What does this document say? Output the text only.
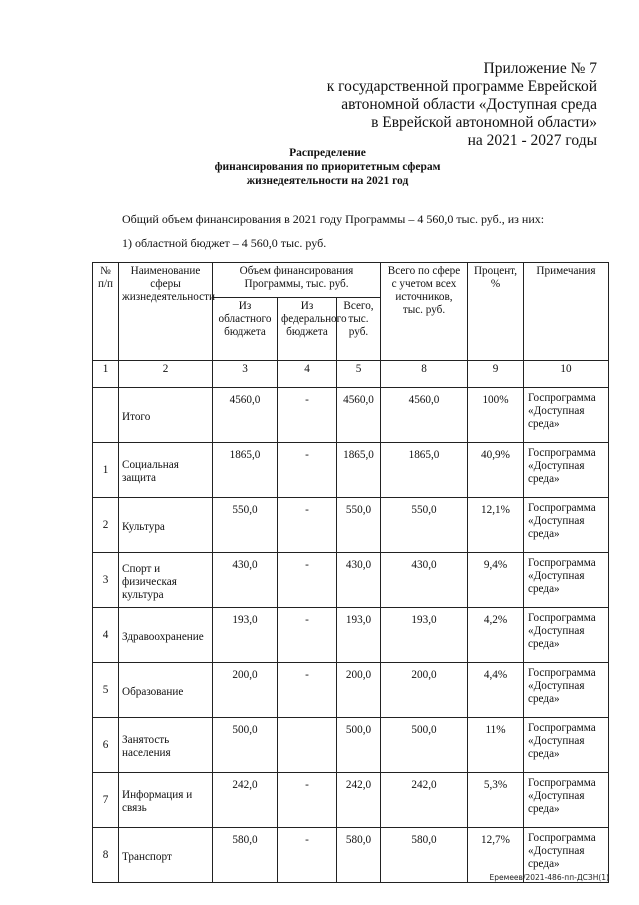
Приложение № 7
к государственной программе Еврейской
автономной области «Доступная среда
в Еврейской автономной области»
на 2021 - 2027 годы
Распределение
финансирования по приоритетным сферам
жизнедеятельности на 2021 год
Общий объем финансирования в 2021 году Программы – 4 560,0 тыс. руб., из них:
1) областной бюджет – 4 560,0 тыс. руб.
№ п/п	Наименование сферы жизнедеятельности	Объем финансирования Программы, тыс. руб.			Всего по сфере с учетом всех источников, тыс. руб.	Процент, %	Примечания
		Из областного бюджета	Из федерального бюджета	Всего, тыс. руб.			
1	2	3	4	5	8	9	10
	Итого	4560,0	-	4560,0	4560,0	100%	Госпрограмма «Доступная среда»
1	Социальная защита	1865,0	-	1865,0	1865,0	40,9%	Госпрограмма «Доступная среда»
2	Культура	550,0	-	550,0	550,0	12,1%	Госпрограмма «Доступная среда»
3	Спорт и физическая культура	430,0	-	430,0	430,0	9,4%	Госпрограмма «Доступная среда»
4	Здравоохранение	193,0	-	193,0	193,0	4,2%	Госпрограмма «Доступная среда»
5	Образование	200,0	-	200,0	200,0	4,4%	Госпрограмма «Доступная среда»
6	Занятость населения	500,0		500,0	500,0	11%	Госпрограмма «Доступная среда»
7	Информация и связь	242,0	-	242,0	242,0	5,3%	Госпрограмма «Доступная среда»
8	Транспорт	580,0	-	580,0	580,0	12,7%	Госпрограмма «Доступная среда»
Еремеев/2021-486-пп-ДСЗН(1)
